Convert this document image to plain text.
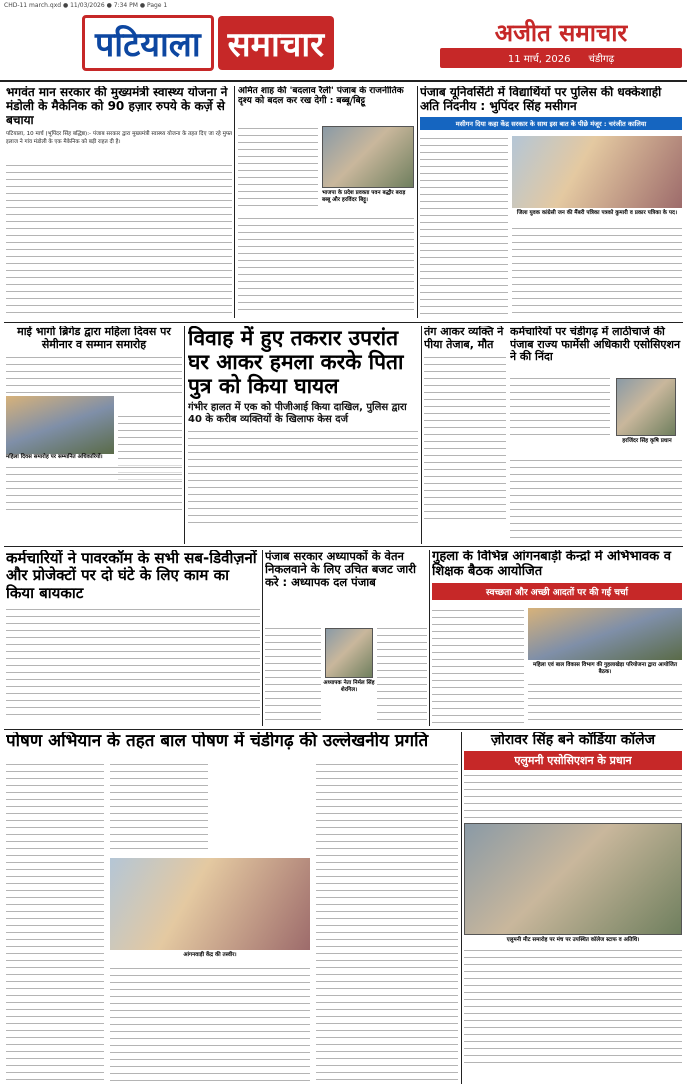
CHD-11 march.qxd ● 11/03/2026 ● 7:34 PM ● Page 1
पटियाला समाचार	अजीत समाचार
11 मार्च, 2026 चंडीगढ़
भगवंत मान सरकार की मुख्यमंत्री स्वास्थ्य योजना ने मंडोली के मैकेनिक को 90 हज़ार रुपये के कर्ज़े से बचाया
पटियाला, 10 मार्च (भूपिंदर सिंह बद्धिष्ठ):- पंजाब सरकार द्वारा मुख्यमंत्री स्वास्थ्य योजना के तहत दिए जा रहे मुफ्त इलाज ने गांव मंडोली के एक मैकेनिक को बड़ी राहत दी है।
अमित शाह की 'बदलाव रैली' पंजाब के राजनीतिक दृश्य को बदल कर रख देगी : बब्बू/बिट्टू
भाजपा के प्रदेश प्रवक्ता पवन बद्धौर बराड़ बब्बू और हरविंदर बिट्टू।
पंजाब यूनिवर्सिटी में विद्यार्थियों पर पुलिस की धक्केशाही अति निंदनीय : भुपिंदर सिंह मसीगन
मसीगन दिया कहा केंद्र सरकार के साथ इस बात के पीछे मंजूर : चरंजीत कालिया
जिला युवक कांग्रेसी जन की मैंबरी पत्रिका पत्रको कुमारी व प्रकार पत्रिका के पद।
माई भागो ब्रिगेड द्वारा महिला दिवस पर सेमीनार व सम्मान समारोह
महिला दिवस समारोह पर सम्मानित अधिकारियों।
विवाह में हुए तकरार उपरांत घर आकर हमला करके पिता पुत्र को किया घायल
गंभीर हालत में एक को पीजीआई किया दाखिल, पुलिस द्वारा 40 के करीब व्यक्तियों के खिलाफ केस दर्ज
तंग आकर व्यक्ति ने पीया तेजाब, मौत
कर्मचारियों पर चंडीगढ़ में लाठीचार्ज की पंजाब राज्य फार्मेसी अधिकारी एसोसिएशन ने की निंदा
हरजिंदर सिंह कृषि प्रधान
कर्मचारियों ने पावरकॉम के सभी सब-डिवीज़नों और प्रोजेक्टों पर दो घंटे के लिए काम का किया बायकाट
पंजाब सरकार अध्यापकों के वेतन निकलवाने के लिए उचित बजट जारी करे : अध्यापक दल पंजाब
अध्यापक नेता निर्मल सिंह शेरगिल।
गुहला के विभिन्न आंगनबाड़ी केन्द्रों में अभिभावक व शिक्षक बैठक आयोजित
स्वच्छता और अच्छी आदतों पर की गई चर्चा
महिला एवं बाल विकास विभाग की गुहलाखेड़ा परियोजना द्वारा आयोजित बैठक।
पोषण अभियान के तहत बाल पोषण में चंडीगढ़ की उल्लेखनीय प्रगति
आंगनवाड़ी केंद्र की तस्वीर।
ज़ोरावर सिंह बने कॉर्डिया कॉलेज
एलुमनी एसोसिएशन के प्रधान
एलुमनी मीट समारोह पर मंच पर उपस्थित कॉलेज स्टाफ व अतिथि।
